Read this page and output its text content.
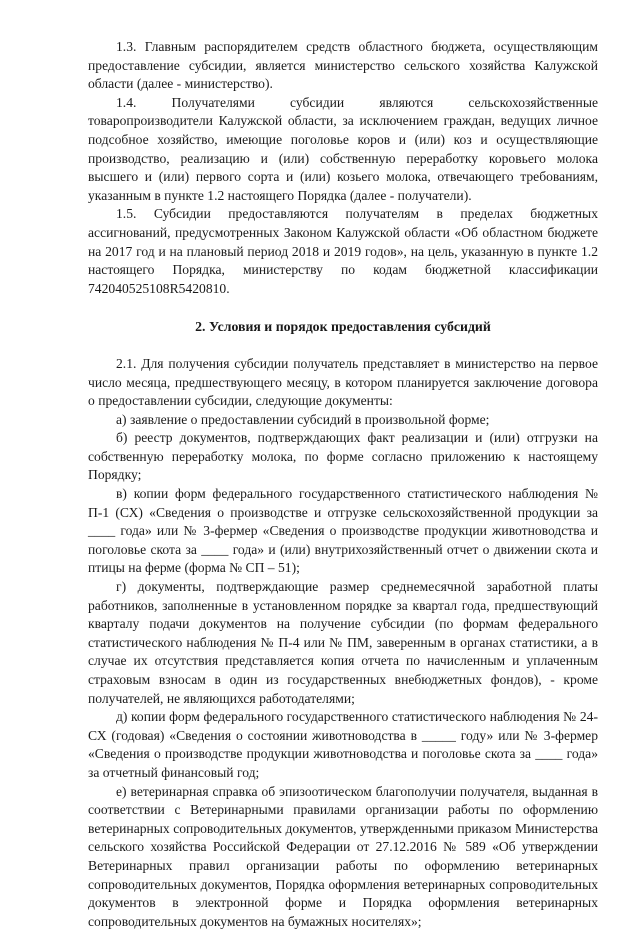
1.3. Главным распорядителем средств областного бюджета, осуществляющим предоставление субсидии, является министерство сельского хозяйства Калужской области (далее - министерство).

1.4. Получателями субсидии являются сельскохозяйственные товаропроизводители Калужской области, за исключением граждан, ведущих личное подсобное хозяйство, имеющие поголовье коров и (или) коз и осуществляющие производство, реализацию и (или) собственную переработку коровьего молока высшего и (или) первого сорта и (или) козьего молока, отвечающего требованиям, указанным в пункте 1.2 настоящего Порядка (далее - получатели).

1.5. Субсидии предоставляются получателям в пределах бюджетных ассигнований, предусмотренных Законом Калужской области «Об областном бюджете на 2017 год и на плановый период 2018 и 2019 годов», на цель, указанную в пункте 1.2 настоящего Порядка, министерству по кодам бюджетной классификации 742040525108R5420810.

2. Условия и порядок предоставления субсидий

2.1. Для получения субсидии получатель представляет в министерство на первое число месяца, предшествующего месяцу, в котором планируется заключение договора о предоставлении субсидии, следующие документы:

а) заявление о предоставлении субсидий в произвольной форме;

б) реестр документов, подтверждающих факт реализации и (или) отгрузки на собственную переработку молока, по форме согласно приложению к настоящему Порядку;

в) копии форм федерального государственного статистического наблюдения № П-1 (СХ) «Сведения о производстве и отгрузке сельскохозяйственной продукции за ____ года» или № 3-фермер «Сведения о производстве продукции животноводства и поголовье скота за ____ года» и (или) внутрихозяйственный отчет о движении скота и птицы на ферме (форма № СП – 51);

г) документы, подтверждающие размер среднемесячной заработной платы работников, заполненные в установленном порядке за квартал года, предшествующий кварталу подачи документов на получение субсидии (по формам федерального статистического наблюдения № П-4 или № ПМ, заверенным в органах статистики, а в случае их отсутствия представляется копия отчета по начисленным и уплаченным страховым взносам в один из государственных внебюджетных фондов), - кроме получателей, не являющихся работодателями;

д) копии форм федерального государственного статистического наблюдения № 24-СХ (годовая) «Сведения о состоянии животноводства в _____ году» или № 3-фермер «Сведения о производстве продукции животноводства и поголовье скота за ____ года» за отчетный финансовый год;

е) ветеринарная справка об эпизоотическом благополучии получателя, выданная в соответствии с Ветеринарными правилами организации работы по оформлению ветеринарных сопроводительных документов, утвержденными приказом Министерства сельского хозяйства Российской Федерации от 27.12.2016 № 589 «Об утверждении Ветеринарных правил организации работы по оформлению ветеринарных сопроводительных документов, Порядка оформления ветеринарных сопроводительных документов в электронной форме и Порядка оформления ветеринарных сопроводительных документов на бумажных носителях»;
